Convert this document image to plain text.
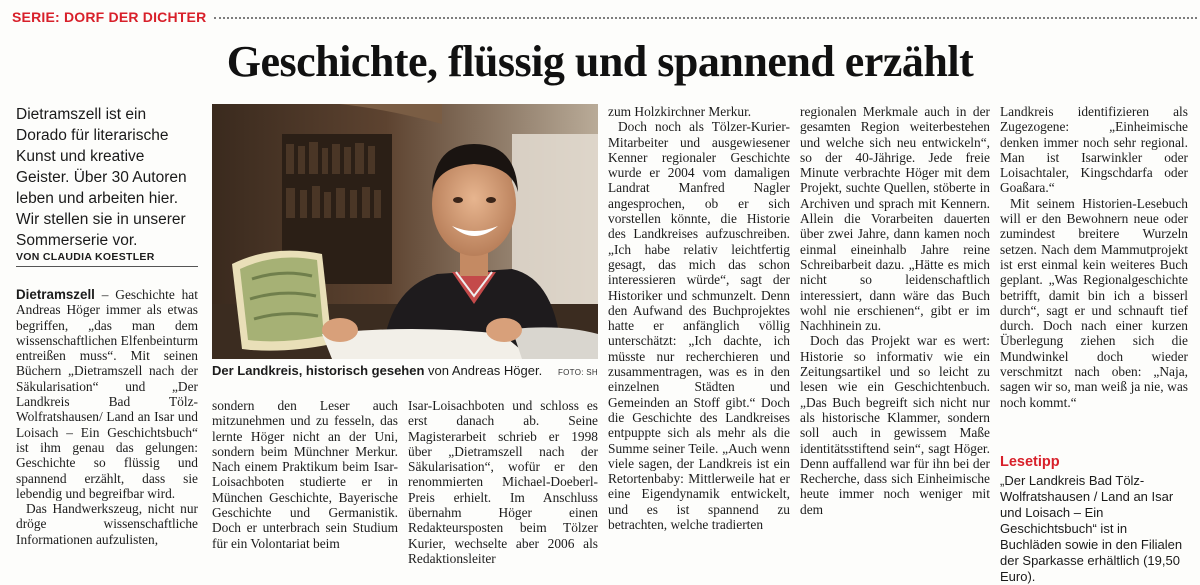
SERIE: DORF DER DICHTER
Geschichte, flüssig und spannend erzählt

Dietramszell ist ein Dorado für literarische Kunst und kreative Geister. Über 30 Autoren leben und arbeiten hier. Wir stellen sie in unserer Sommerserie vor.

VON CLAUDIA KOESTLER

Dietramszell – Geschichte hat Andreas Höger immer als etwas begriffen, „das man dem wissenschaftlichen Elfenbeinturm entreißen muss“. Mit seinen Büchern „Dietramszell nach der Säkularisation“ und „Der Landkreis Bad Tölz-Wolfratshausen/ Land an Isar und Loisach – Ein Geschichtsbuch“ ist ihm genau das gelungen: Geschichte so flüssig und spannend erzählt, dass sie lebendig und begreifbar wird.

Das Handwerkszeug, nicht nur dröge wissenschaftliche Informationen aufzulisten,

Der Landkreis, historisch gesehen von Andreas Höger. FOTO: SH

sondern den Leser auch mitzunehmen und zu fesseln, das lernte Höger nicht an der Uni, sondern beim Münchner Merkur. Nach einem Praktikum beim Isar-Loisachboten studierte er in München Geschichte, Bayerische Geschichte und Germanistik. Doch er unterbrach sein Studium für ein Volontariat beim

Isar-Loisachboten und schloss es erst danach ab. Seine Magisterarbeit schrieb er 1998 über „Dietramszell nach der Säkularisation“, wofür er den renommierten Michael-Doeberl-Preis erhielt. Im Anschluss übernahm Höger einen Redakteursposten beim Tölzer Kurier, wechselte aber 2006 als Redaktionsleiter

zum Holzkirchner Merkur.

Doch noch als Tölzer-Kurier-Mitarbeiter und ausgewiesener Kenner regionaler Geschichte wurde er 2004 vom damaligen Landrat Manfred Nagler angesprochen, ob er sich vorstellen könnte, die Historie des Landkreises aufzuschreiben. „Ich habe relativ leichtfertig gesagt, das mich das schon interessieren würde“, sagt der Historiker und schmunzelt. Denn den Aufwand des Buchprojektes hatte er anfänglich völlig unterschätzt: „Ich dachte, ich müsste nur recherchieren und zusammentragen, was es in den einzelnen Städten und Gemeinden an Stoff gibt.“ Doch die Geschichte des Landkreises entpuppte sich als mehr als die Summe seiner Teile. „Auch wenn viele sagen, der Landkreis ist ein Retortenbaby: Mittlerweile hat er eine Eigendynamik entwickelt, und es ist spannend zu betrachten, welche tradierten

regionalen Merkmale auch in der gesamten Region weiterbestehen und welche sich neu entwickeln“, so der 40-Jährige. Jede freie Minute verbrachte Höger mit dem Projekt, suchte Quellen, stöberte in Archiven und sprach mit Kennern. Allein die Vorarbeiten dauerten über zwei Jahre, dann kamen noch einmal eineinhalb Jahre reine Schreibarbeit dazu. „Hätte es mich nicht so leidenschaftlich interessiert, dann wäre das Buch wohl nie erschienen“, gibt er im Nachhinein zu.

Doch das Projekt war es wert: Historie so informativ wie ein Zeitungsartikel und so leicht zu lesen wie ein Geschichtenbuch. „Das Buch begreift sich nicht nur als historische Klammer, sondern soll auch in gewissem Maße identitätsstiftend sein“, sagt Höger. Denn auffallend war für ihn bei der Recherche, dass sich Einheimische heute immer noch weniger mit dem

Landkreis identifizieren als Zugezogene: „Einheimische denken immer noch sehr regional. Man ist Isarwinkler oder Loisachtaler, Kingschdarfa oder Goaßara.“

Mit seinem Historien-Lesebuch will er den Bewohnern neue oder zumindest breitere Wurzeln setzen. Nach dem Mammutprojekt ist erst einmal kein weiteres Buch geplant. „Was Regionalgeschichte betrifft, damit bin ich a bisserl durch“, sagt er und schnauft tief durch. Doch nach einer kurzen Überlegung ziehen sich die Mundwinkel doch wieder verschmitzt nach oben: „Naja, sagen wir so, man weiß ja nie, was noch kommt.“

Lesetipp

„Der Landkreis Bad Tölz-Wolfratshausen / Land an Isar und Loisach – Ein Geschichtsbuch“ ist in Buchläden sowie in den Filialen der Sparkasse erhältlich (19,50 Euro).
